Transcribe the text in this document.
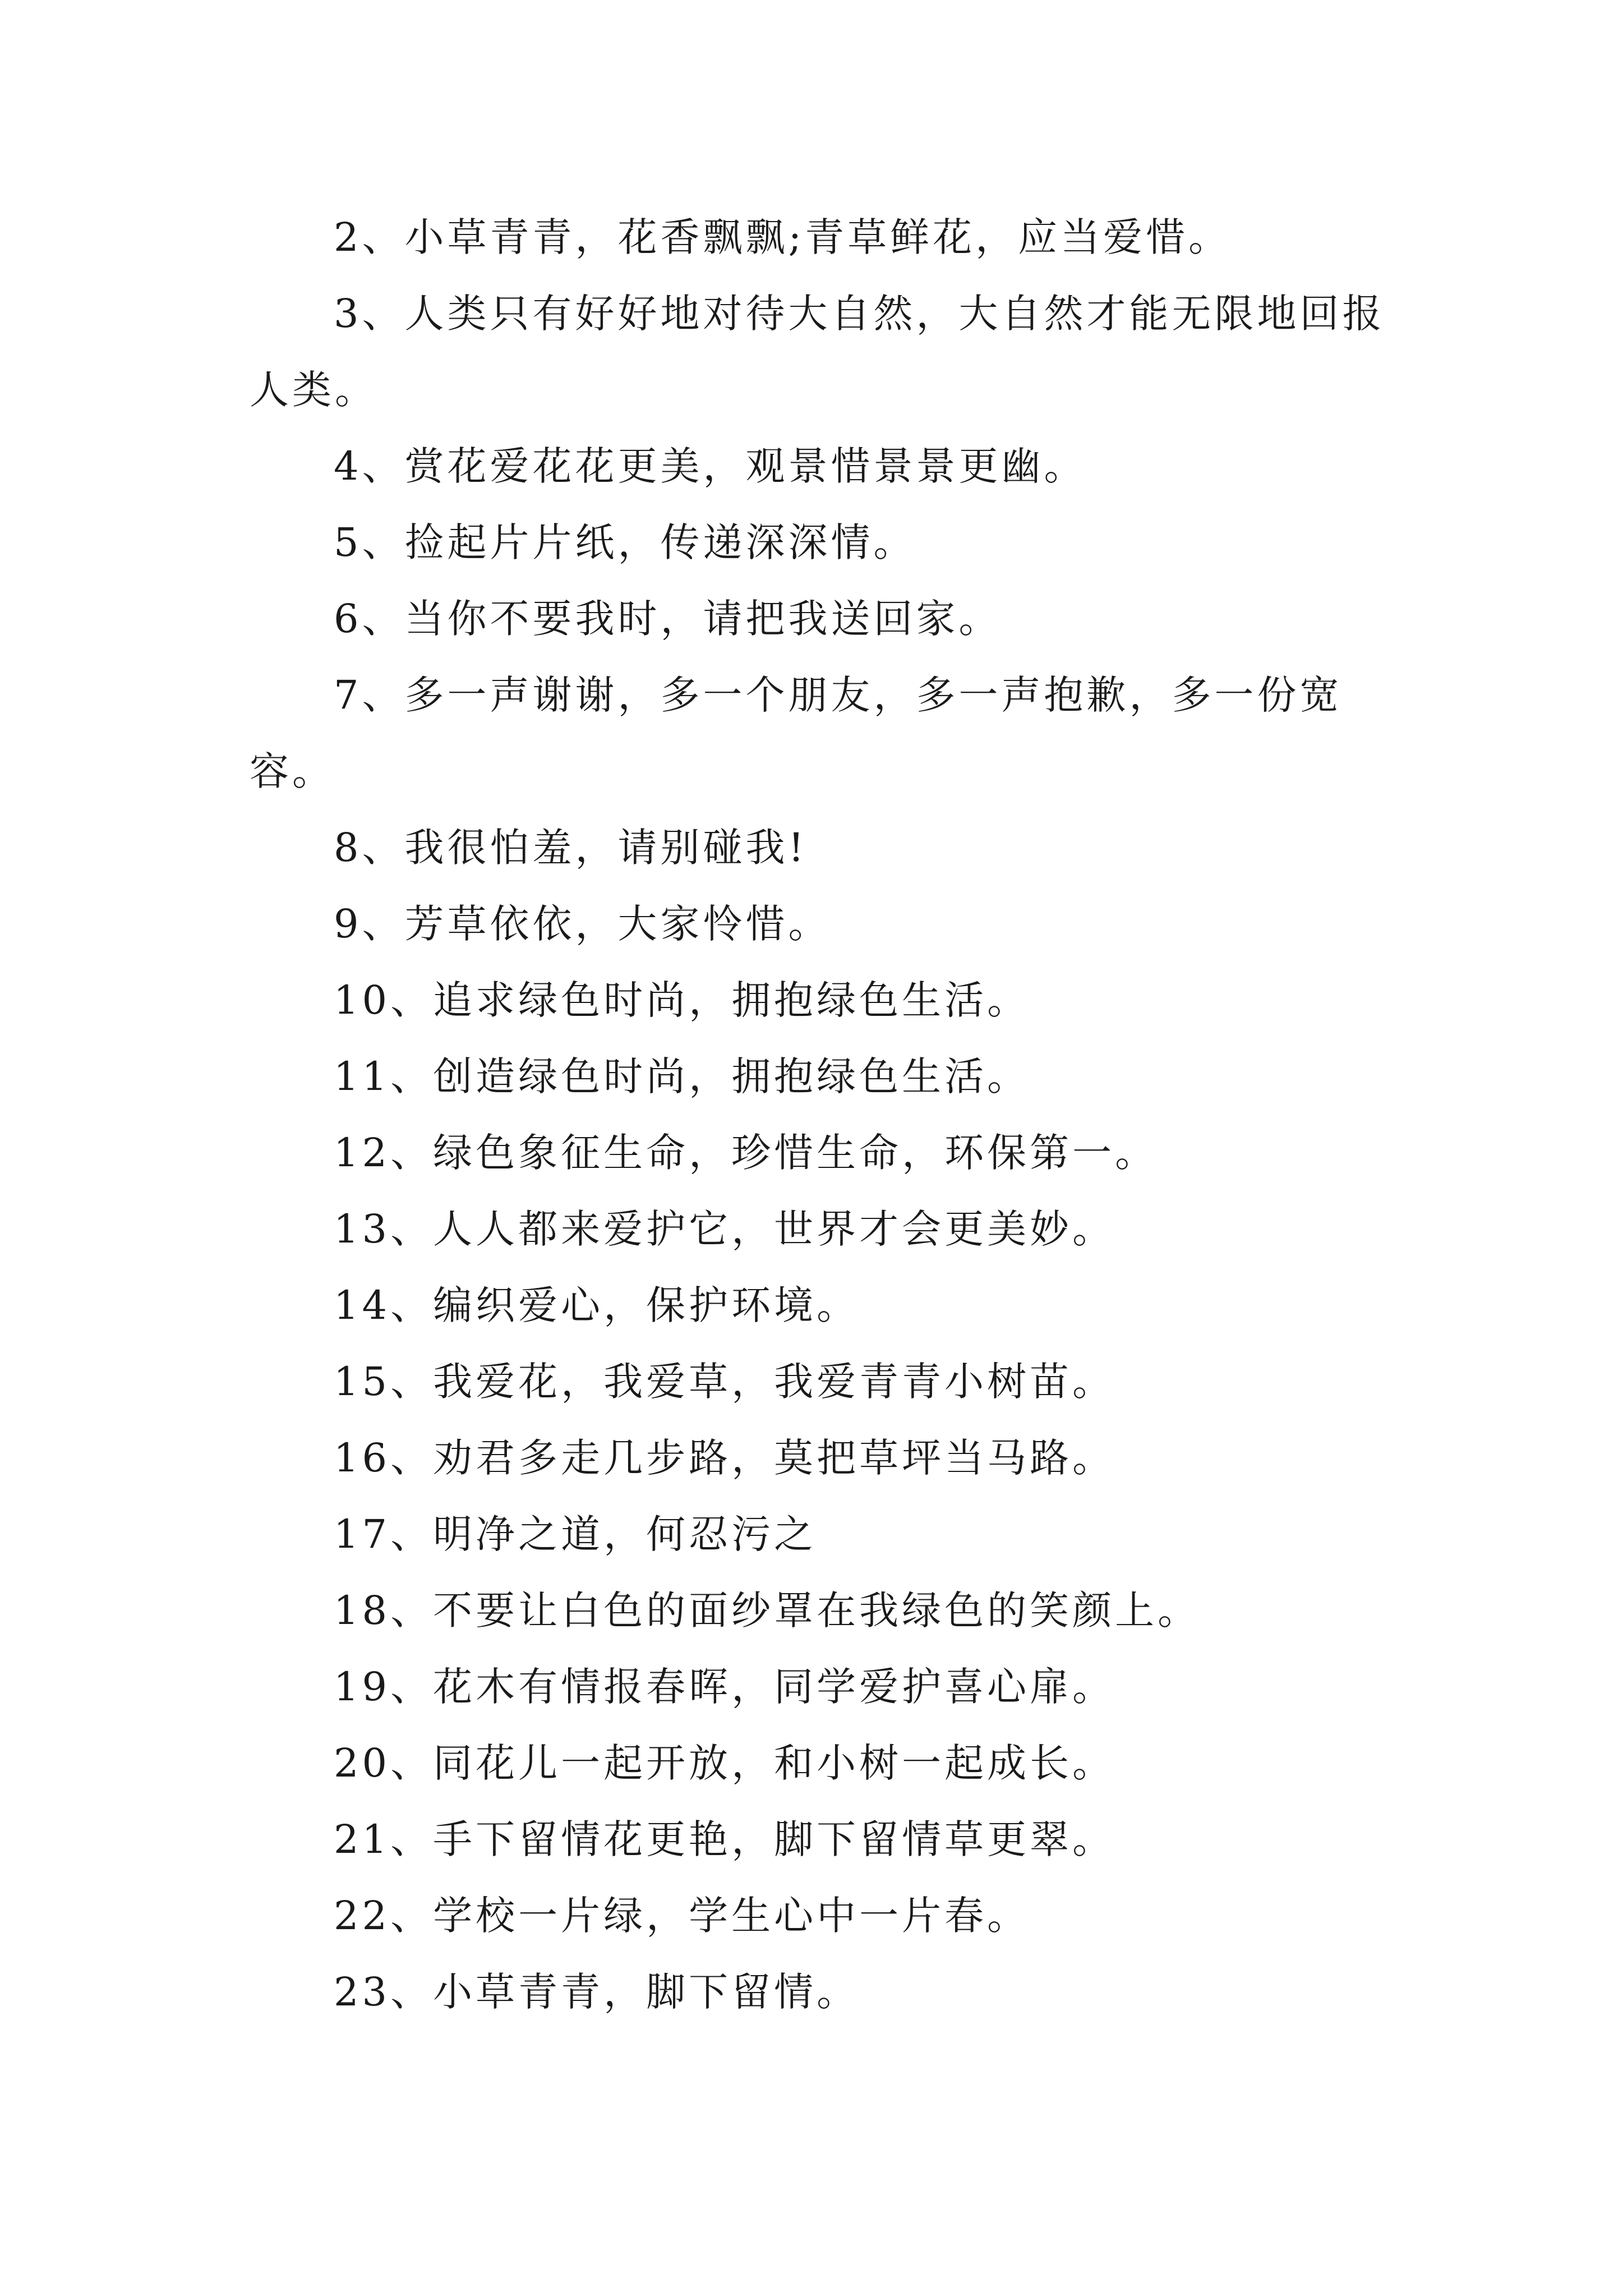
2、小草青青，花香飘飘;青草鲜花，应当爱惜。

3、人类只有好好地对待大自然，大自然才能无限地回报人类。

4、赏花爱花花更美，观景惜景景更幽。

5、捡起片片纸，传递深深情。

6、当你不要我时，请把我送回家。

7、多一声谢谢，多一个朋友，多一声抱歉，多一份宽容。

8、我很怕羞，请别碰我!

9、芳草依依，大家怜惜。

10、追求绿色时尚，拥抱绿色生活。

11、创造绿色时尚，拥抱绿色生活。

12、绿色象征生命，珍惜生命，环保第一。

13、人人都来爱护它，世界才会更美妙。

14、编织爱心，保护环境。

15、我爱花，我爱草，我爱青青小树苗。

16、劝君多走几步路，莫把草坪当马路。

17、明净之道，何忍污之

18、不要让白色的面纱罩在我绿色的笑颜上。

19、花木有情报春晖，同学爱护喜心扉。

20、同花儿一起开放，和小树一起成长。

21、手下留情花更艳，脚下留情草更翠。

22、学校一片绿，学生心中一片春。

23、小草青青，脚下留情。
